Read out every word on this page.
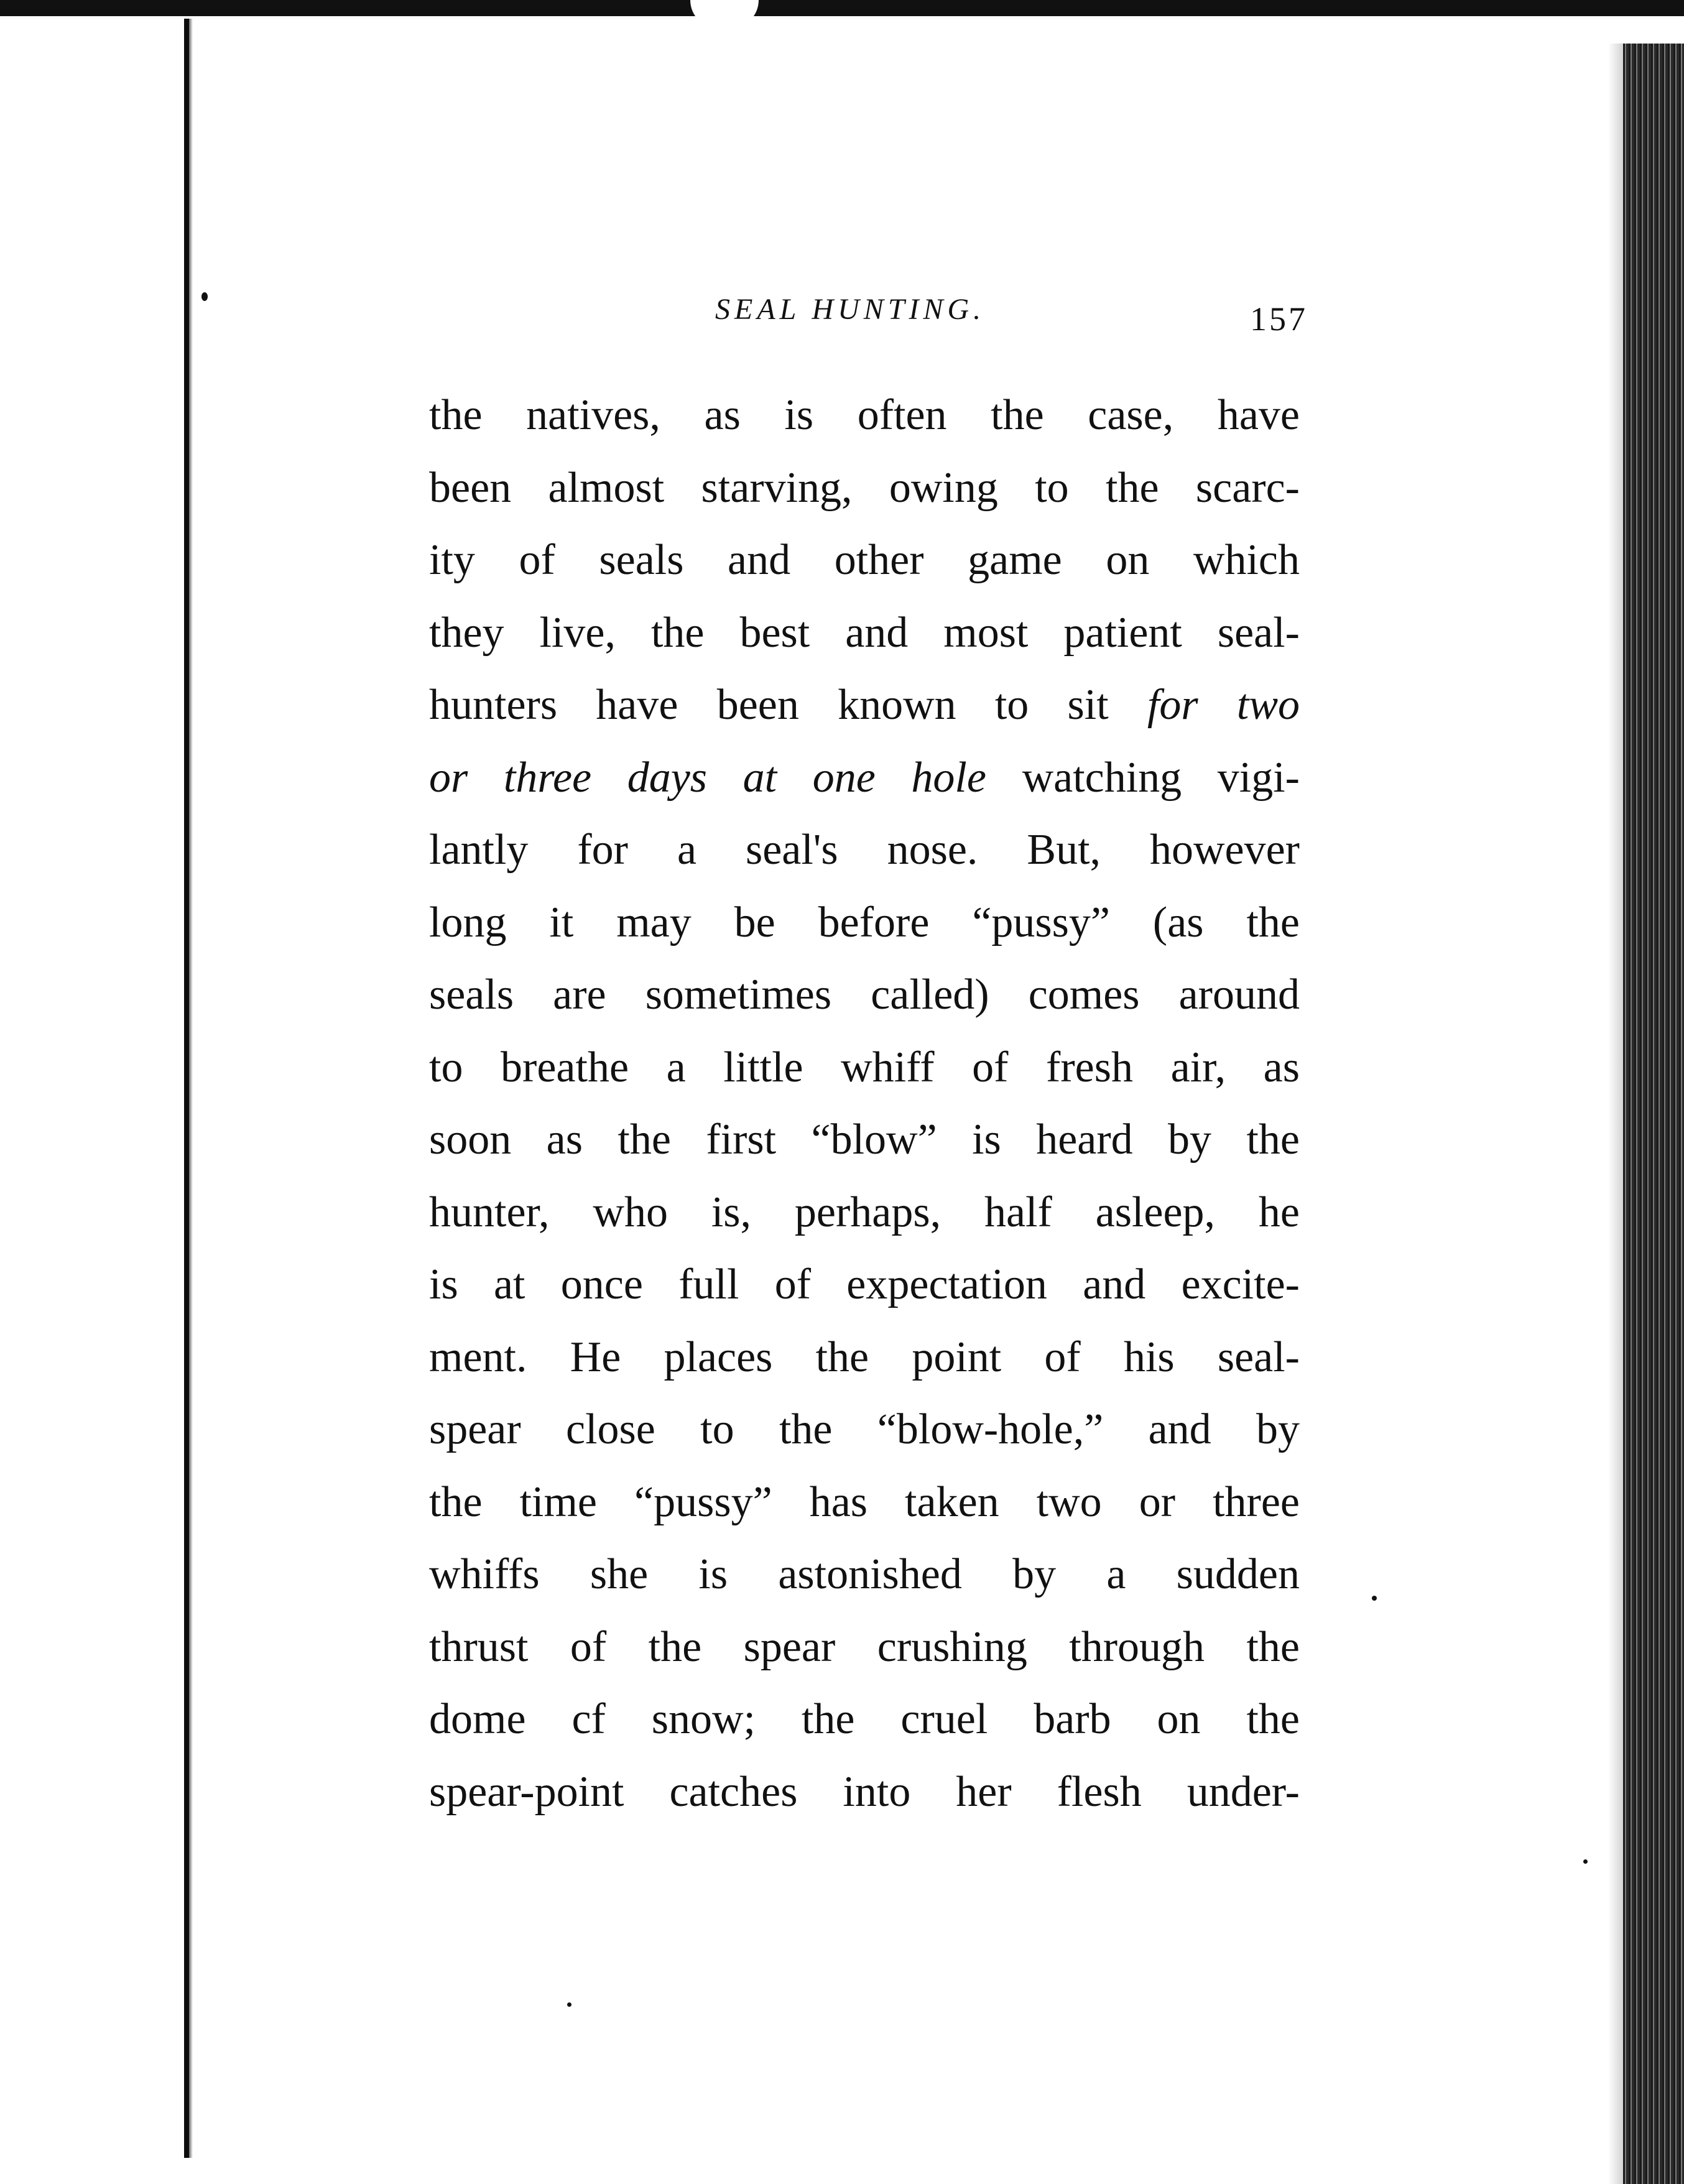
SEAL HUNTING.	157
the natives, as is often the case, have
been almost starving, owing to the scarc-
ity of seals and other game on which
they live, the best and most patient seal-
hunters have been known to sit for two
or three days at one hole watching vigi-
lantly for a seal's nose. But, however
long it may be before “pussy” (as the
seals are sometimes called) comes around
to breathe a little whiff of fresh air, as
soon as the first “blow” is heard by the
hunter, who is, perhaps, half asleep, he
is at once full of expectation and excite-
ment. He places the point of his seal-
spear close to the “blow-hole,” and by
the time “pussy” has taken two or three
whiffs she is astonished by a sudden
thrust of the spear crushing through the
dome cf snow; the cruel barb on the
spear-point catches into her flesh under-
